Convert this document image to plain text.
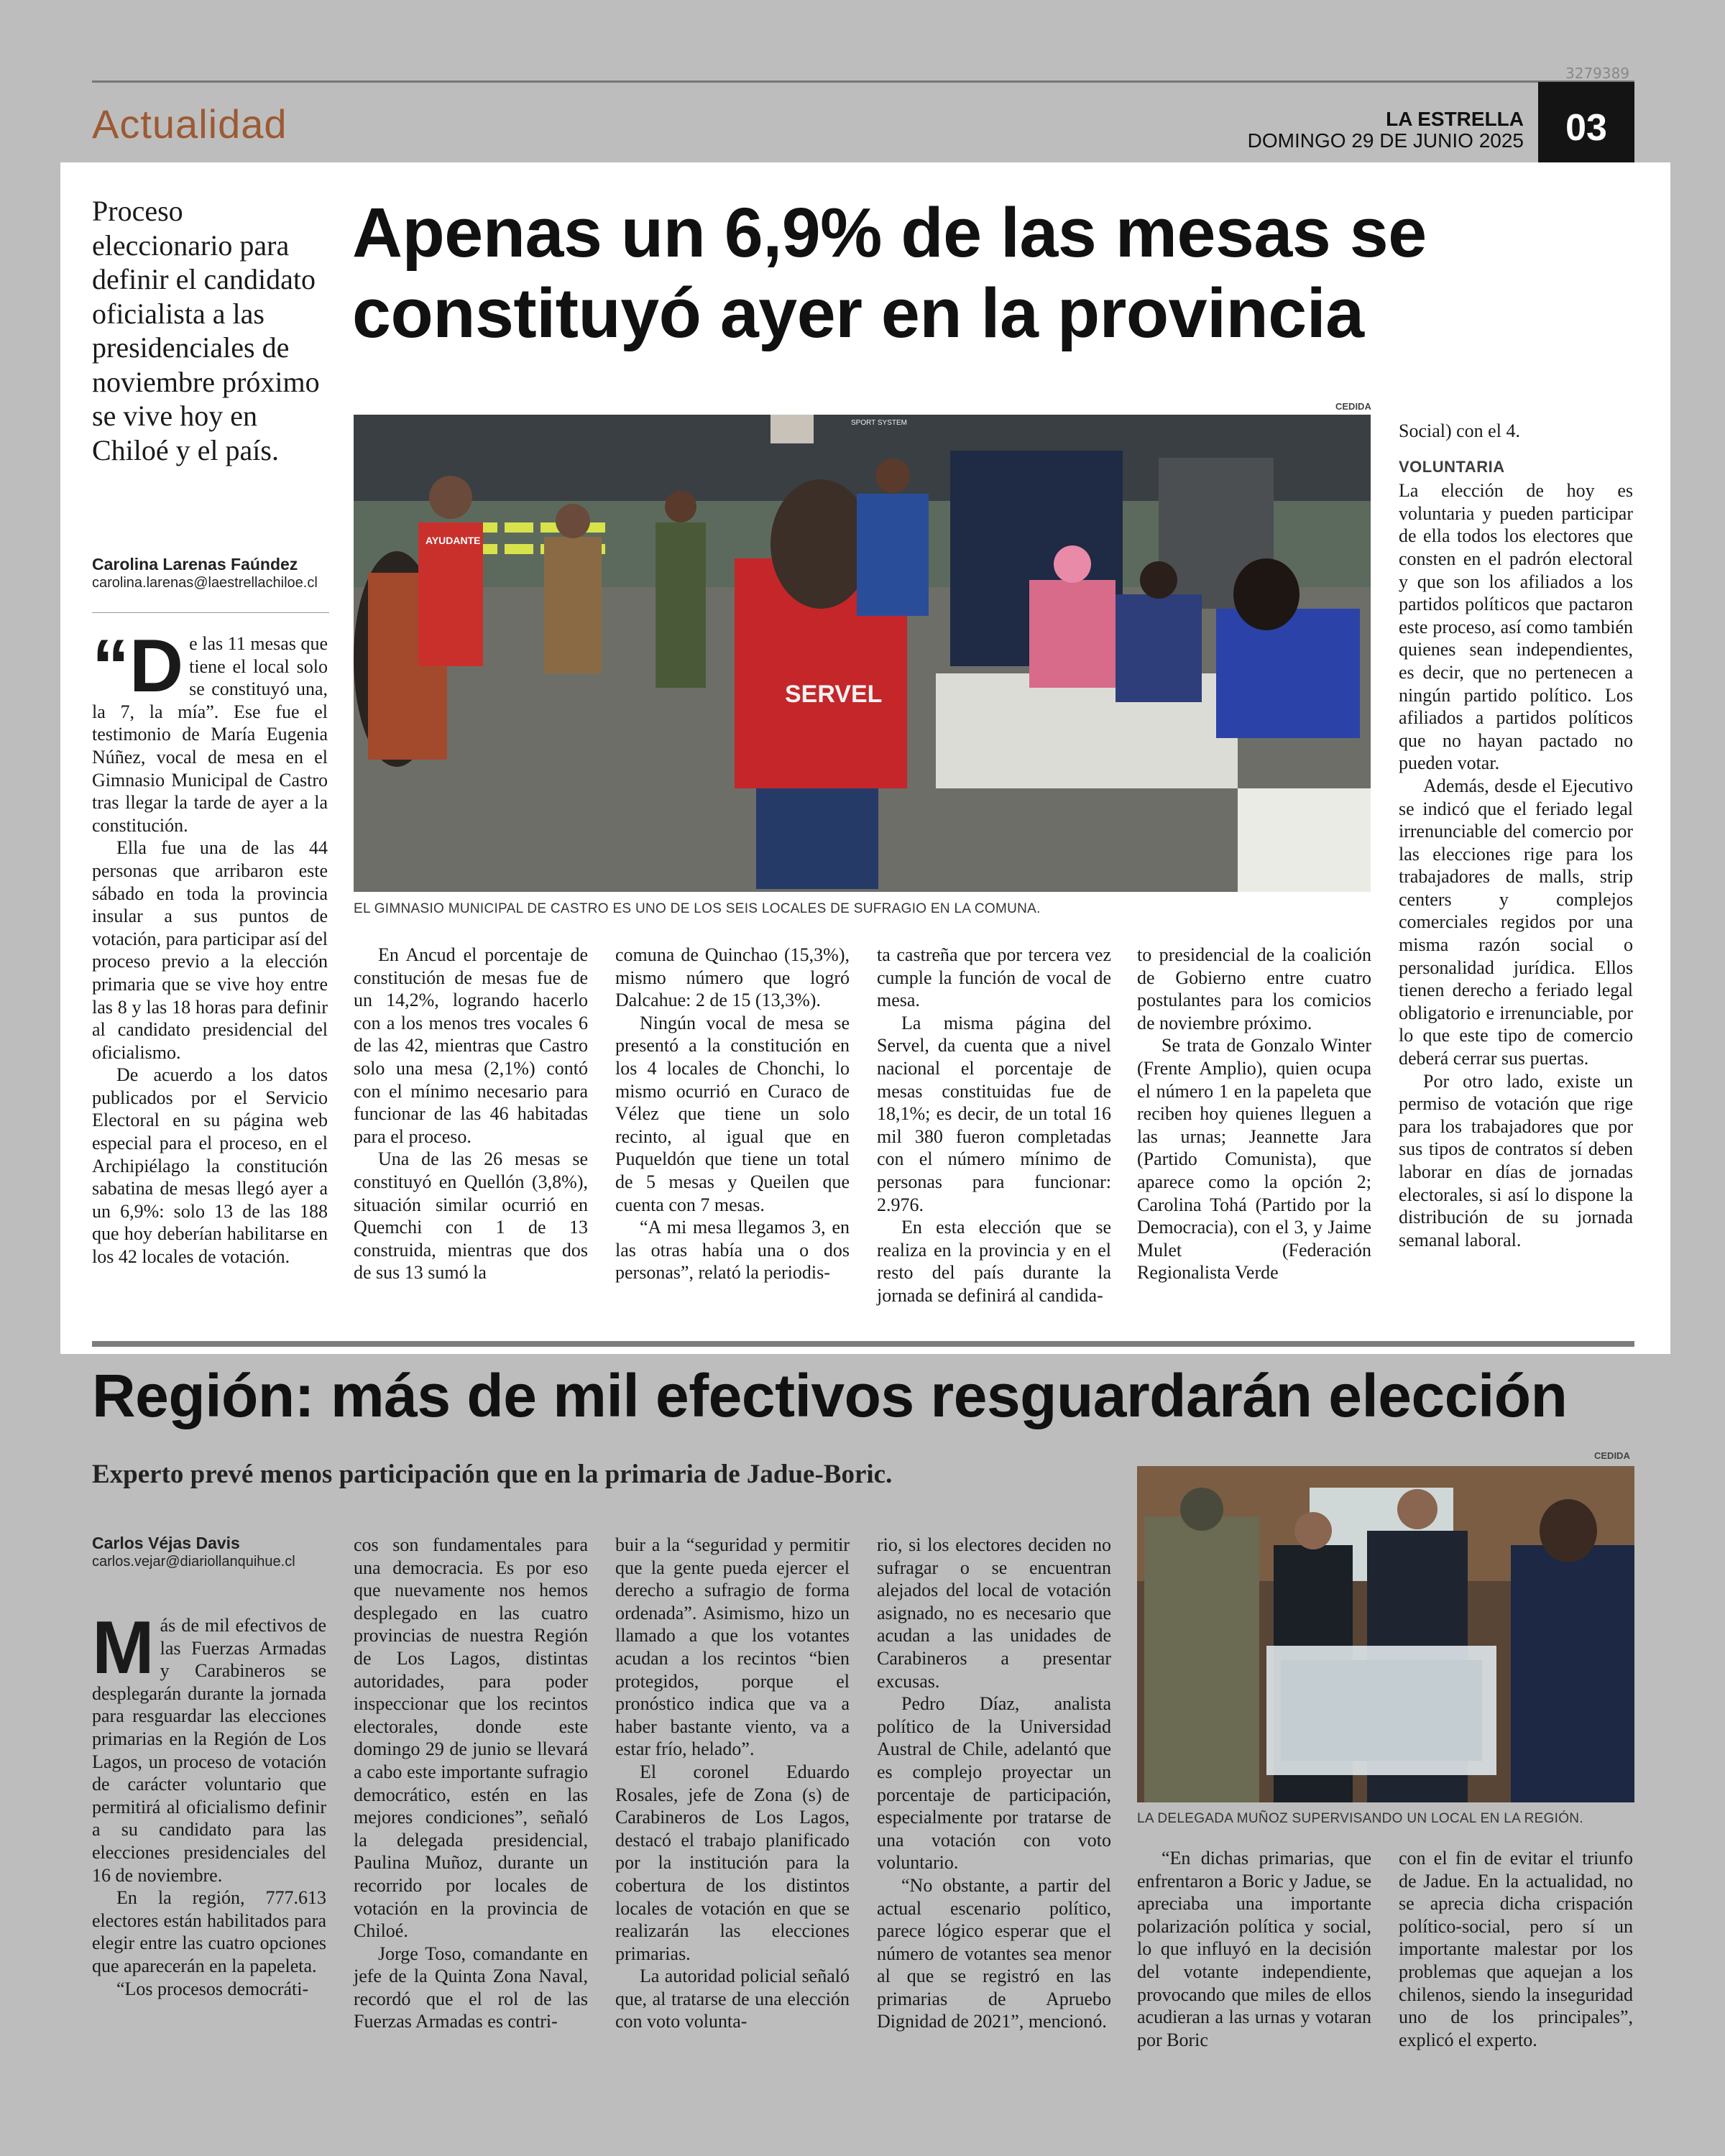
3279389
Actualidad	LA ESTRELLA
DOMINGO 29 DE JUNIO 2025	03
Proceso eleccionario para definir el candidato oficialista a las presidenciales de noviembre próximo se vive hoy en Chiloé y el país.
Carolina Larenas Faúndez
carolina.larenas@laestrellachiloe.cl
Apenas un 6,9% de las mesas se constituyó ayer en la provincia
CEDIDA
SPORT SYSTEM
SERVEL
AYUDANTE
EL GIMNASIO MUNICIPAL DE CASTRO ES UNO DE LOS SEIS LOCALES DE SUFRAGIO EN LA COMUNA.

“D e las 11 mesas que tiene el local solo se constituyó una, la 7, la mía”. Ese fue el testimonio de María Eugenia Núñez, vocal de mesa en el Gimnasio Municipal de Castro tras llegar la tarde de ayer a la constitución.

Ella fue una de las 44 personas que arribaron este sábado en toda la provincia insular a sus puntos de votación, para participar así del proceso previo a la elección primaria que se vive hoy entre las 8 y las 18 horas para definir al candidato presidencial del oficialismo.

De acuerdo a los datos publicados por el Servicio Electoral en su página web especial para el proceso, en el Archipiélago la constitución sabatina de mesas llegó ayer a un 6,9%: solo 13 de las 188 que hoy deberían habilitarse en los 42 locales de votación.

En Ancud el porcentaje de constitución de mesas fue de un 14,2%, logrando hacerlo con a los menos tres vocales 6 de las 42, mientras que Castro solo una mesa (2,1%) contó con el mínimo necesario para funcionar de las 46 habitadas para el proceso.

Una de las 26 mesas se constituyó en Quellón (3,8%), situación similar ocurrió en Quemchi con 1 de 13 construida, mientras que dos de sus 13 sumó la

comuna de Quinchao (15,3%), mismo número que logró Dalcahue: 2 de 15 (13,3%).

Ningún vocal de mesa se presentó a la constitución en los 4 locales de Chonchi, lo mismo ocurrió en Curaco de Vélez que tiene un solo recinto, al igual que en Puqueldón que tiene un total de 5 mesas y Queilen que cuenta con 7 mesas.

“A mi mesa llegamos 3, en las otras había una o dos personas”, relató la periodis-

ta castreña que por tercera vez cumple la función de vocal de mesa.

La misma página del Servel, da cuenta que a nivel nacional el porcentaje de mesas constituidas fue de 18,1%; es decir, de un total 16 mil 380 fueron completadas con el número mínimo de personas para funcionar: 2.976.

En esta elección que se realiza en la provincia y en el resto del país durante la jornada se definirá al candida-

to presidencial de la coalición de Gobierno entre cuatro postulantes para los comicios de noviembre próximo.

Se trata de Gonzalo Winter (Frente Amplio), quien ocupa el número 1 en la papeleta que reciben hoy quienes lleguen a las urnas; Jeannette Jara (Partido Comunista), que aparece como la opción 2; Carolina Tohá (Partido por la Democracia), con el 3, y Jaime Mulet (Federación Regionalista Verde

Social) con el 4.

VOLUNTARIA

La elección de hoy es voluntaria y pueden participar de ella todos los electores que consten en el padrón electoral y que son los afiliados a los partidos políticos que pactaron este proceso, así como también quienes sean independientes, es decir, que no pertenecen a ningún partido político. Los afiliados a partidos políticos que no hayan pactado no pueden votar.

Además, desde el Ejecutivo se indicó que el feriado legal irrenunciable del comercio por las elecciones rige para los trabajadores de malls, strip centers y complejos comerciales regidos por una misma razón social o personalidad jurídica. Ellos tienen derecho a feriado legal obligatorio e irrenunciable, por lo que este tipo de comercio deberá cerrar sus puertas.

Por otro lado, existe un permiso de votación que rige para los trabajadores que por sus tipos de contratos sí deben laborar en días de jornadas electorales, si así lo dispone la distribución de su jornada semanal laboral.

Región: más de mil efectivos resguardarán elección
Experto prevé menos participación que en la primaria de Jadue-Boric.
Carlos Véjas Davis
carlos.vejar@diariollanquihue.cl
CEDIDA
LA DELEGADA MUÑOZ SUPERVISANDO UN LOCAL EN LA REGIÓN.

Más de mil efectivos de las Fuerzas Armadas y Carabineros se desplegarán durante la jornada para resguardar las elecciones primarias en la Región de Los Lagos, un proceso de votación de carácter voluntario que permitirá al oficialismo definir a su candidato para las elecciones presidenciales del 16 de noviembre.

En la región, 777.613 electores están habilitados para elegir entre las cuatro opciones que aparecerán en la papeleta.

“Los procesos democráti-

cos son fundamentales para una democracia. Es por eso que nuevamente nos hemos desplegado en las cuatro provincias de nuestra Región de Los Lagos, distintas autoridades, para poder inspeccionar que los recintos electorales, donde este domingo 29 de junio se llevará a cabo este importante sufragio democrático, estén en las mejores condiciones”, señaló la delegada presidencial, Paulina Muñoz, durante un recorrido por locales de votación en la provincia de Chiloé.

Jorge Toso, comandante en jefe de la Quinta Zona Naval, recordó que el rol de las Fuerzas Armadas es contri-

buir a la “seguridad y permitir que la gente pueda ejercer el derecho a sufragio de forma ordenada”. Asimismo, hizo un llamado a que los votantes acudan a los recintos “bien protegidos, porque el pronóstico indica que va a haber bastante viento, va a estar frío, helado”.

El coronel Eduardo Rosales, jefe de Zona (s) de Carabineros de Los Lagos, destacó el trabajo planificado por la institución para la cobertura de los distintos locales de votación en que se realizarán las elecciones primarias.

La autoridad policial señaló que, al tratarse de una elección con voto volunta-

rio, si los electores deciden no sufragar o se encuentran alejados del local de votación asignado, no es necesario que acudan a las unidades de Carabineros a presentar excusas.

Pedro Díaz, analista político de la Universidad Austral de Chile, adelantó que es complejo proyectar un porcentaje de participación, especialmente por tratarse de una votación con voto voluntario.

“No obstante, a partir del actual escenario político, parece lógico esperar que el número de votantes sea menor al que se registró en las primarias de Apruebo Dignidad de 2021”, mencionó.

“En dichas primarias, que enfrentaron a Boric y Jadue, se apreciaba una importante polarización política y social, lo que influyó en la decisión del votante independiente, provocando que miles de ellos acudieran a las urnas y votaran por Boric

con el fin de evitar el triunfo de Jadue. En la actualidad, no se aprecia dicha crispación político-social, pero sí un importante malestar por los problemas que aquejan a los chilenos, siendo la inseguridad uno de los principales”, explicó el experto.
